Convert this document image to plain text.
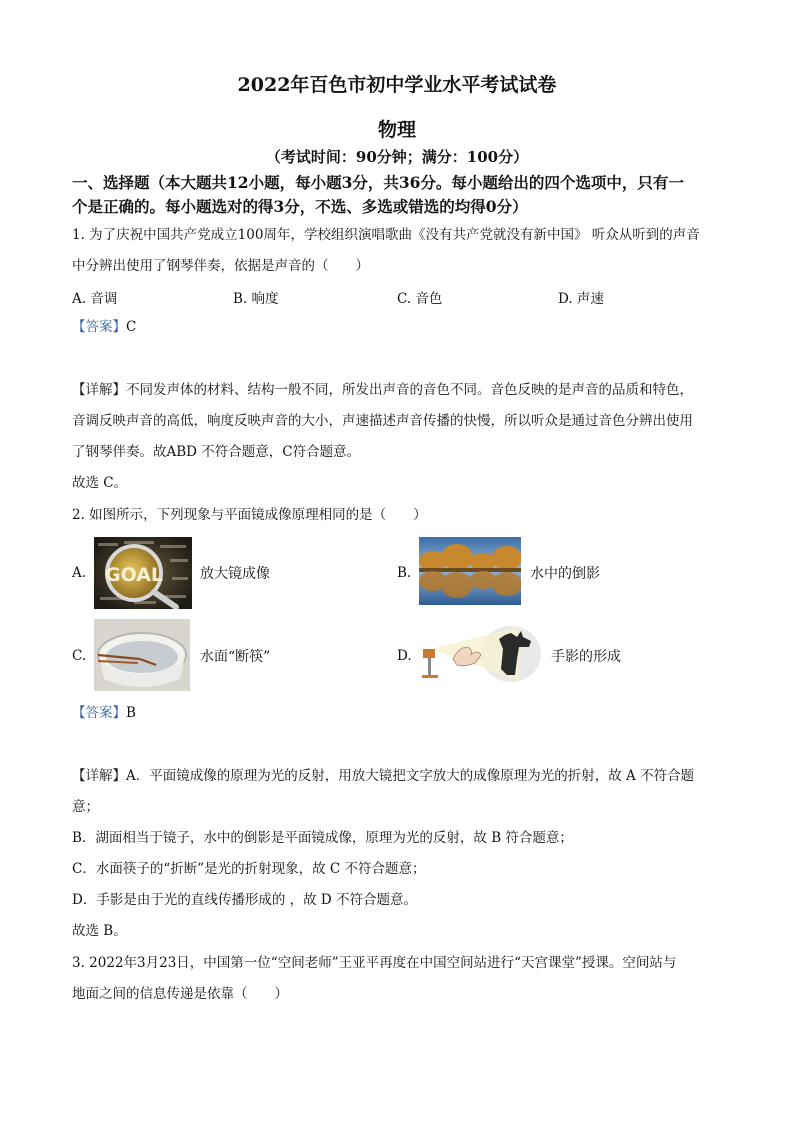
2022年百色市初中学业水平考试试卷
物理
（考试时间：90分钟；满分：100分）
一、选择题（本大题共12小题，每小题3分，共36分。每小题给出的四个选项中，只有一
个是正确的。每小题选对的得3分，不选、多选或错选的均得0分）
1. 为了庆祝中国共产党成立100周年，学校组织演唱歌曲《没有共产党就没有新中国》 听众从听到的声音
中分辨出使用了钢琴伴奏，依据是声音的（　　）
A. 音调	B. 响度	C. 音色	D. 声速
【答案】C
【详解】不同发声体的材料、结构一般不同，所发出声音的音色不同。音色反映的是声音的品质和特色，
音调反映声音的高低，响度反映声音的大小，声速描述声音传播的快慢，所以听众是通过音色分辨出使用
了钢琴伴奏。故ABD 不符合题意，C符合题意。
故选 C。
2. 如图所示，下列现象与平面镜成像原理相同的是（　　）
A. GOAL	放大镜成像	B.	水中的倒影
C.	水面“断筷”	D.	手影的形成
【答案】B
【详解】A．平面镜成像的原理为光的反射，用放大镜把文字放大的成像原理为光的折射，故 A 不符合题
意；
B．湖面相当于镜子，水中的倒影是平面镜成像，原理为光的反射，故 B 符合题意；
C．水面筷子的“折断”是光的折射现象，故 C 不符合题意；
D．手影是由于光的直线传播形成的 ，故 D 不符合题意。
故选 B。
3. 2022年3月23日，中国第一位“空间老师”王亚平再度在中国空间站进行“天宫课堂”授课。空间站与
地面之间的信息传递是依靠（　　）
